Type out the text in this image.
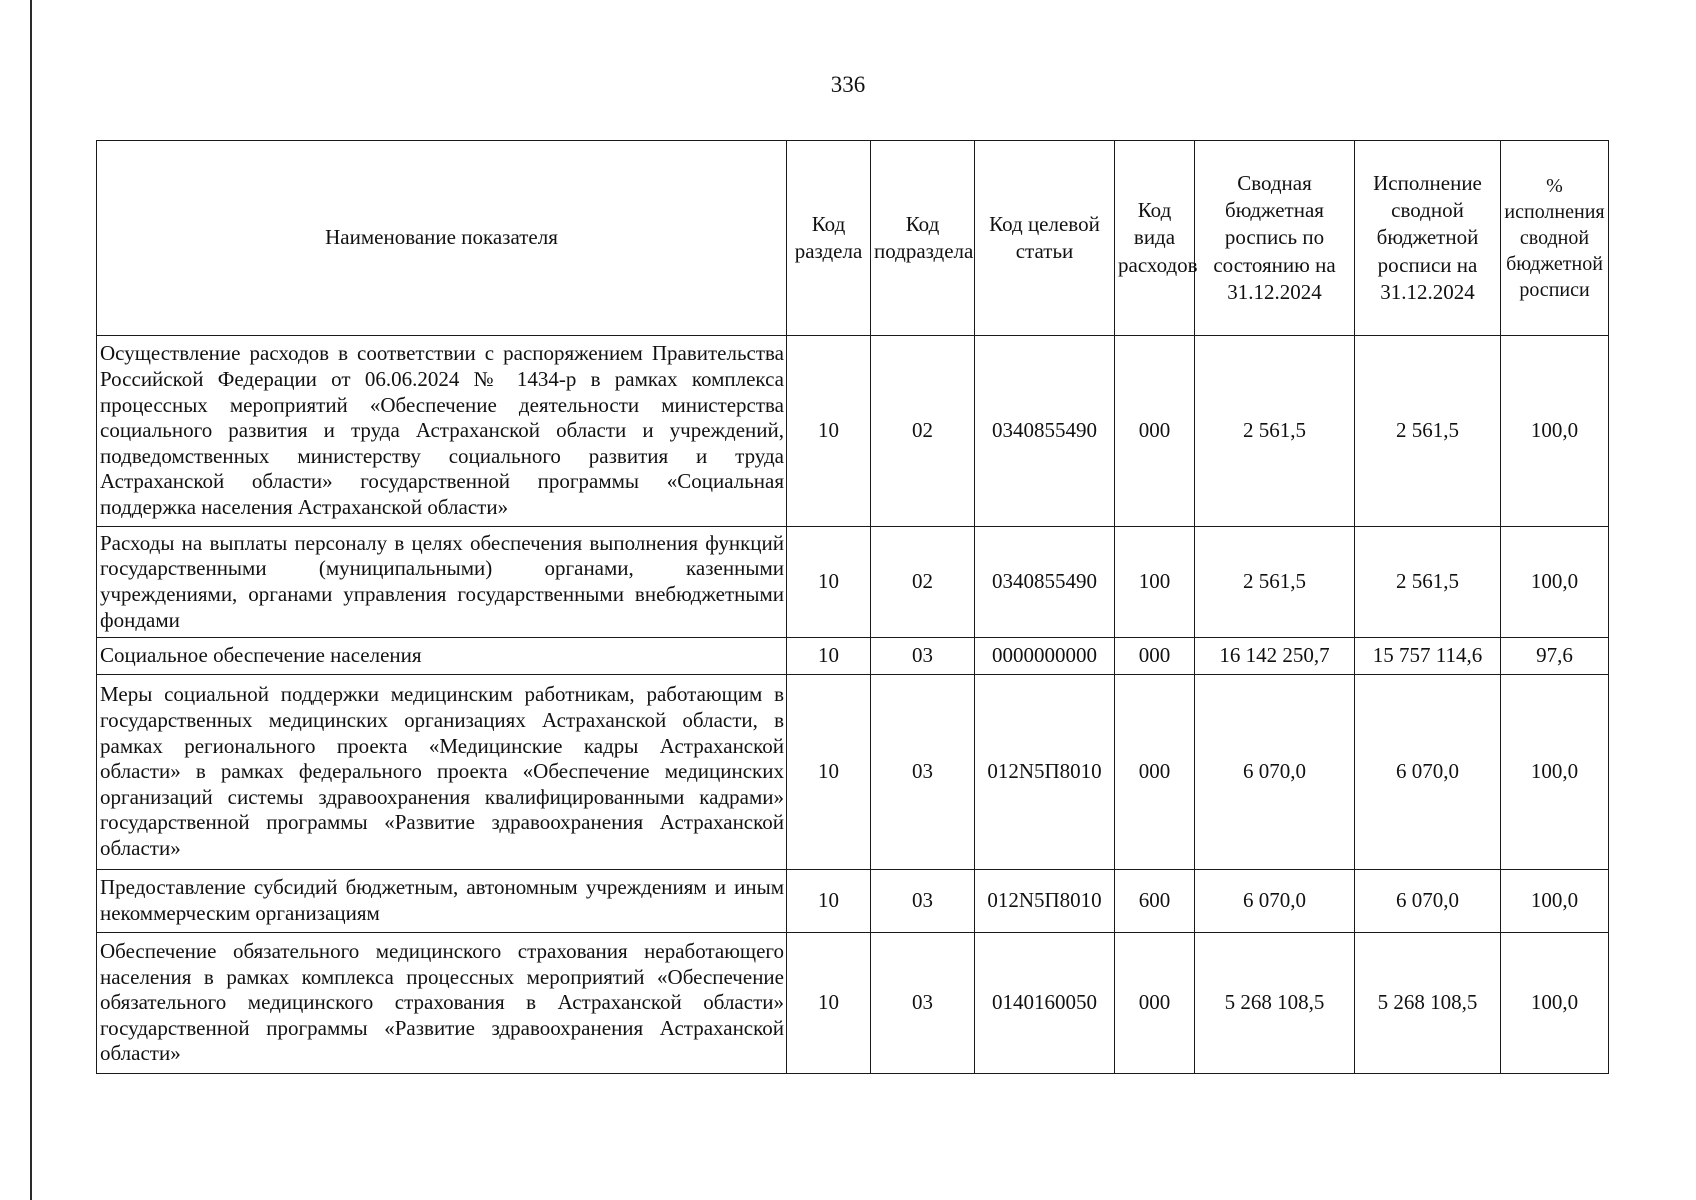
336
Наименование показателя	Код раздела	Код подраздела	Код целевой статьи	Код вида расходов	Сводная бюджетная роспись по состоянию на 31.12.2024	Исполнение сводной бюджетной росписи на 31.12.2024	% исполнения сводной бюджетной росписи
Осуществление расходов в соответствии с распоряжением Правительства Российской Федерации от 06.06.2024 № 1434-р в рамках комплекса процессных мероприятий «Обеспечение деятельности министерства социального развития и труда Астраханской области и учреждений, подведомственных министерству социального развития и труда Астраханской области» государственной программы «Социальная поддержка населения Астраханской области»	10	02	0340855490	000	2 561,5	2 561,5	100,0
Расходы на выплаты персоналу в целях обеспечения выполнения функций государственными (муниципальными) органами, казенными учреждениями, органами управления государственными внебюджетными фондами	10	02	0340855490	100	2 561,5	2 561,5	100,0
Социальное обеспечение населения	10	03	0000000000	000	16 142 250,7	15 757 114,6	97,6
Меры социальной поддержки медицинским работникам, работающим в государственных медицинских организациях Астраханской области, в рамках регионального проекта «Медицинские кадры Астраханской области» в рамках федерального проекта «Обеспечение медицинских организаций системы здравоохранения квалифицированными кадрами» государственной программы «Развитие здравоохранения Астраханской области»	10	03	012N5П8010	000	6 070,0	6 070,0	100,0
Предоставление субсидий бюджетным, автономным учреждениям и иным некоммерческим организациям	10	03	012N5П8010	600	6 070,0	6 070,0	100,0
Обеспечение обязательного медицинского страхования неработающего населения в рамках комплекса процессных мероприятий «Обеспечение обязательного медицинского страхования в Астраханской области» государственной программы «Развитие здравоохранения Астраханской области»	10	03	0140160050	000	5 268 108,5	5 268 108,5	100,0
